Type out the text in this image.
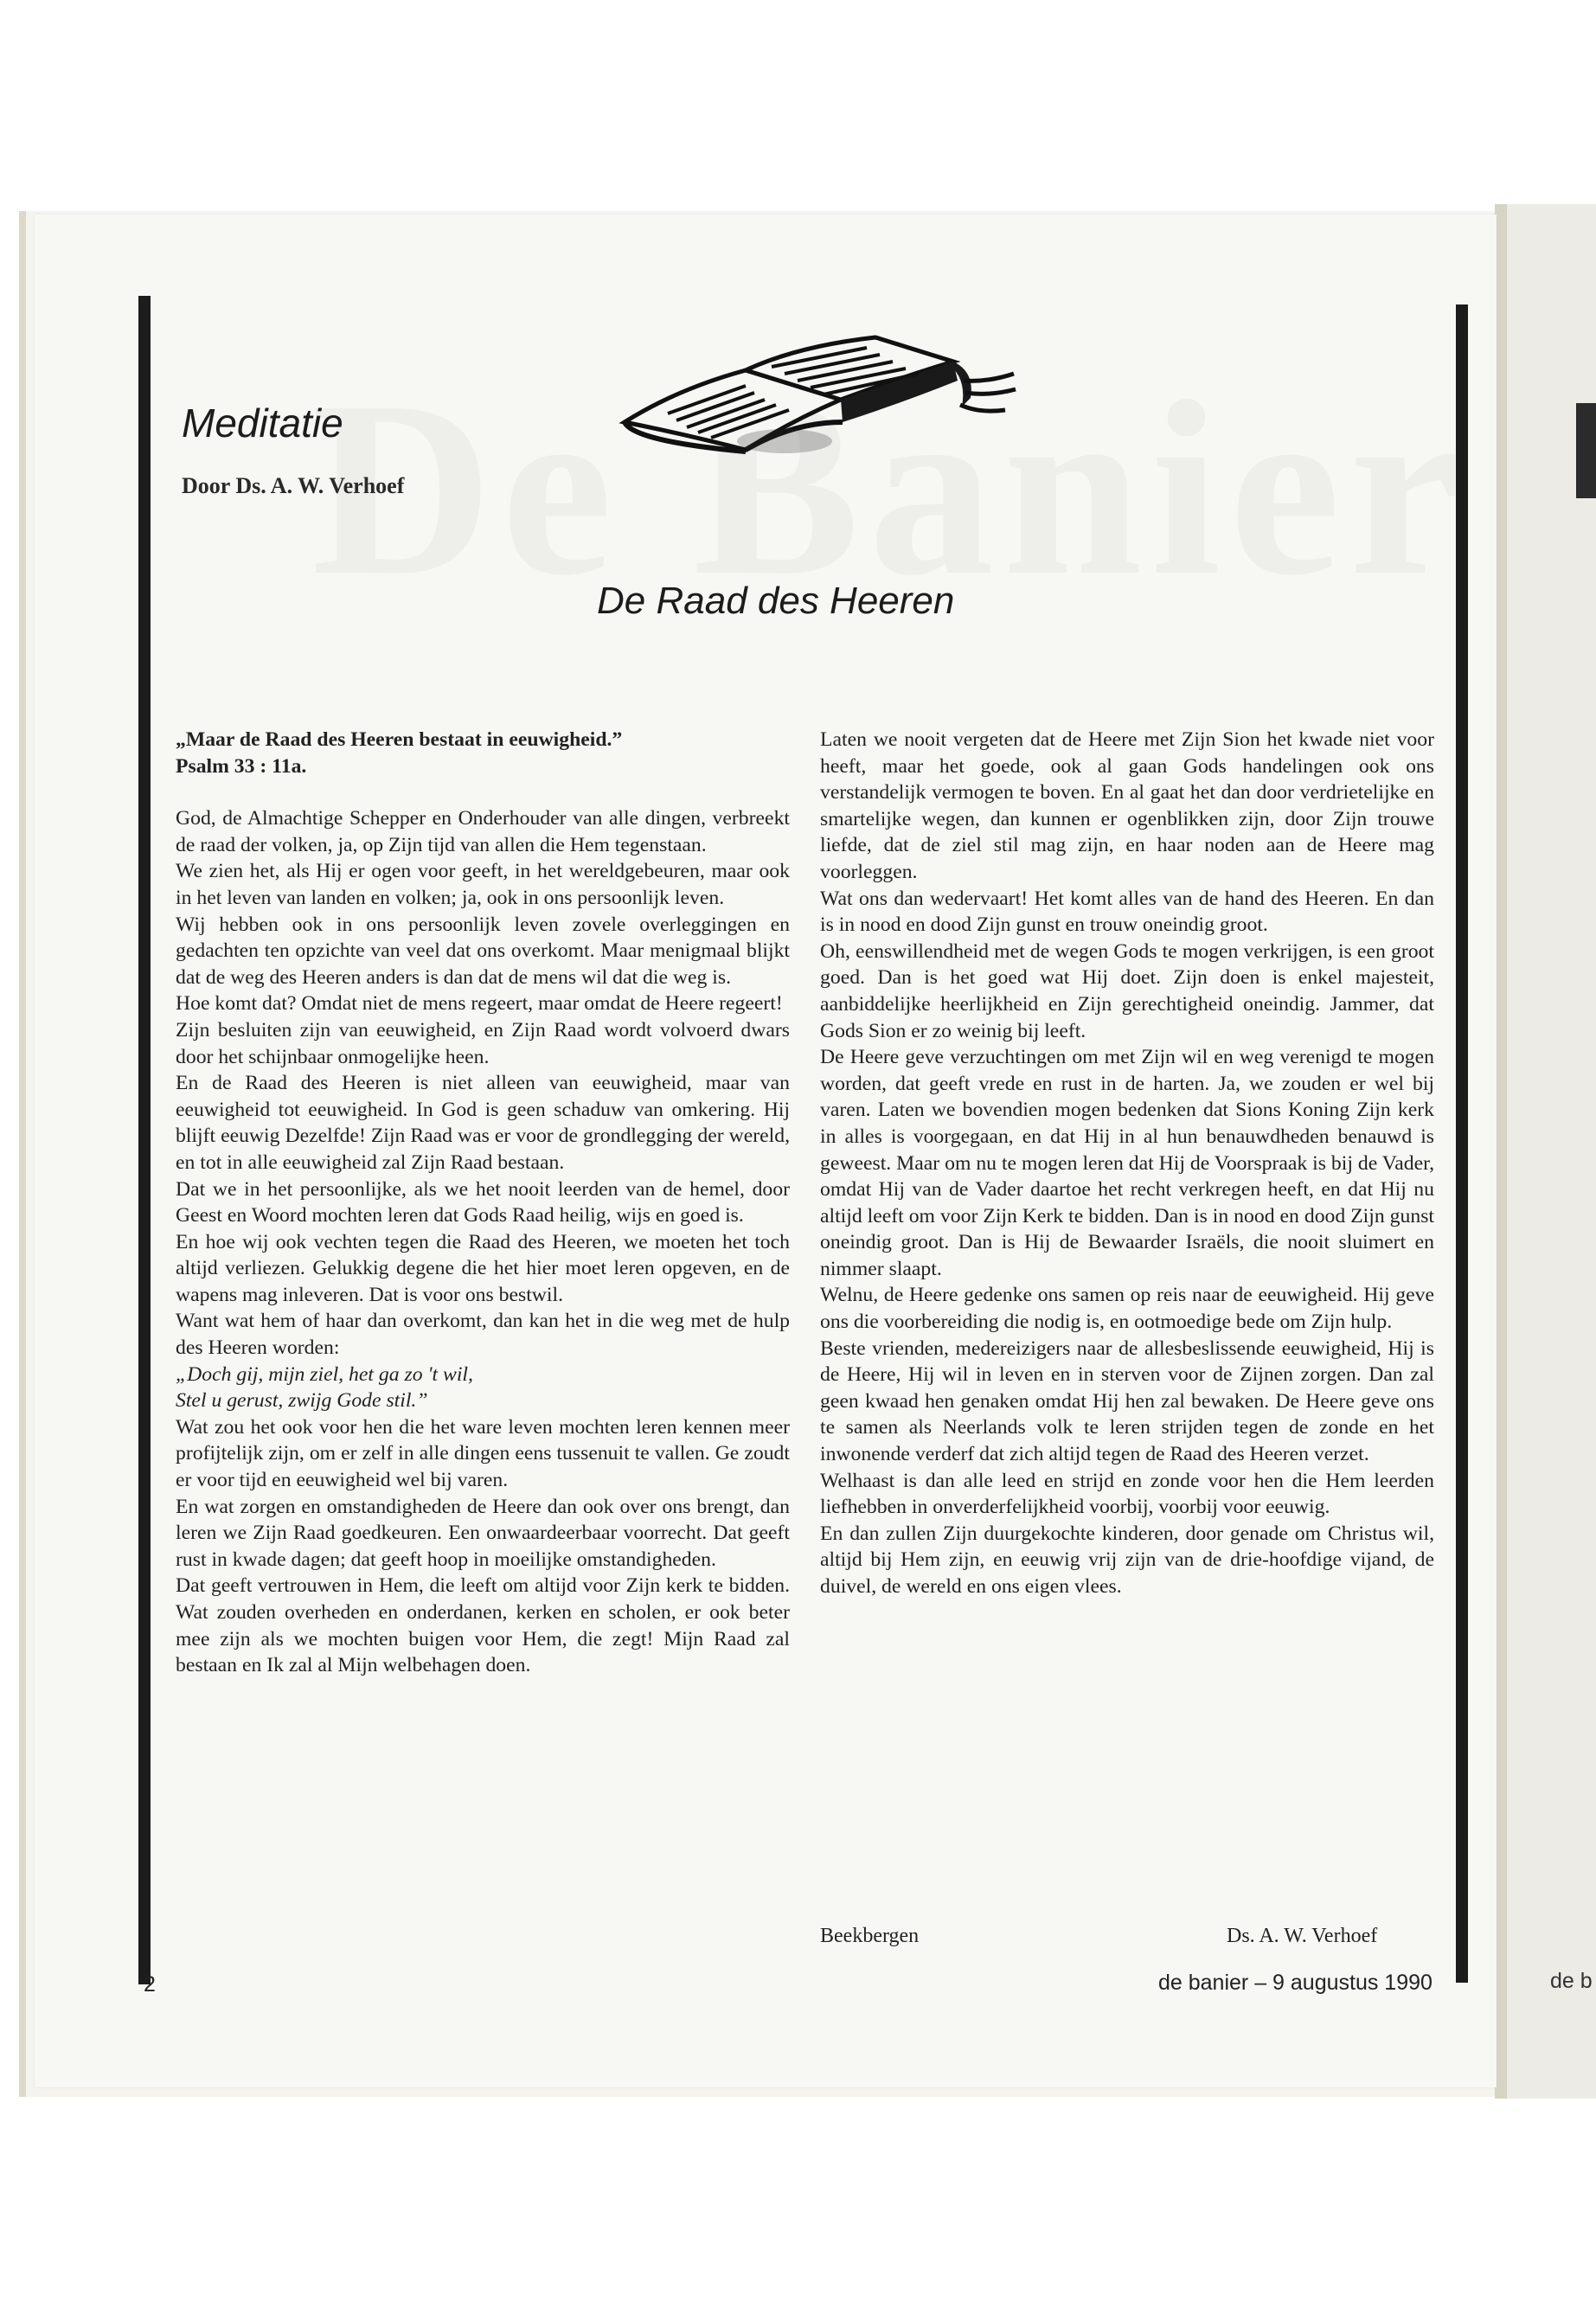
de b
Meditatie
Door Ds. A. W. Verhoef
De Raad des Heeren

„Maar de Raad des Heeren bestaat in eeuwigheid.”

Psalm 33 : 11a.

God, de Almachtige Schepper en Onderhouder van alle dingen, verbreekt de raad der volken, ja, op Zijn tijd van allen die Hem tegenstaan.

We zien het, als Hij er ogen voor geeft, in het wereldgebeuren, maar ook in het leven van landen en volken; ja, ook in ons persoonlijk leven.

Wij hebben ook in ons persoonlijk leven zovele overleggingen en gedachten ten opzichte van veel dat ons overkomt. Maar menigmaal blijkt dat de weg des Heeren anders is dan dat de mens wil dat die weg is.

Hoe komt dat? Omdat niet de mens regeert, maar omdat de Heere regeert!

Zijn besluiten zijn van eeuwigheid, en Zijn Raad wordt volvoerd dwars door het schijnbaar onmogelijke heen.

En de Raad des Heeren is niet alleen van eeuwigheid, maar van eeuwigheid tot eeuwigheid. In God is geen schaduw van omkering. Hij blijft eeuwig Dezelfde! Zijn Raad was er voor de grondlegging der wereld, en tot in alle eeuwigheid zal Zijn Raad bestaan.

Dat we in het persoonlijke, als we het nooit leerden van de hemel, door Geest en Woord mochten leren dat Gods Raad heilig, wijs en goed is.

En hoe wij ook vechten tegen die Raad des Heeren, we moeten het toch altijd verliezen. Gelukkig degene die het hier moet leren opgeven, en de wapens mag inleveren. Dat is voor ons bestwil.

Want wat hem of haar dan overkomt, dan kan het in die weg met de hulp des Heeren worden:

„Doch gij, mijn ziel, het ga zo 't wil,

Stel u gerust, zwijg Gode stil.”

Wat zou het ook voor hen die het ware leven mochten leren kennen meer profijtelijk zijn, om er zelf in alle dingen eens tussenuit te vallen. Ge zoudt er voor tijd en eeuwigheid wel bij varen.

En wat zorgen en omstandigheden de Heere dan ook over ons brengt, dan leren we Zijn Raad goedkeuren. Een onwaardeerbaar voorrecht. Dat geeft rust in kwade dagen; dat geeft hoop in moeilijke omstandigheden.

Dat geeft vertrouwen in Hem, die leeft om altijd voor Zijn kerk te bidden. Wat zouden overheden en onderdanen, kerken en scholen, er ook beter mee zijn als we mochten buigen voor Hem, die zegt! Mijn Raad zal bestaan en Ik zal al Mijn welbehagen doen.

Laten we nooit vergeten dat de Heere met Zijn Sion het kwade niet voor heeft, maar het goede, ook al gaan Gods handelingen ook ons verstandelijk vermogen te boven. En al gaat het dan door verdrietelijke en smartelijke wegen, dan kunnen er ogenblikken zijn, door Zijn trouwe liefde, dat de ziel stil mag zijn, en haar noden aan de Heere mag voorleggen.

Wat ons dan wedervaart! Het komt alles van de hand des Heeren. En dan is in nood en dood Zijn gunst en trouw oneindig groot.

Oh, eenswillendheid met de wegen Gods te mogen verkrijgen, is een groot goed. Dan is het goed wat Hij doet. Zijn doen is enkel majesteit, aanbiddelijke heerlijkheid en Zijn gerechtigheid oneindig. Jammer, dat Gods Sion er zo weinig bij leeft.

De Heere geve verzuchtingen om met Zijn wil en weg verenigd te mogen worden, dat geeft vrede en rust in de harten. Ja, we zouden er wel bij varen. Laten we bovendien mogen bedenken dat Sions Koning Zijn kerk in alles is voorgegaan, en dat Hij in al hun benauwdheden benauwd is geweest. Maar om nu te mogen leren dat Hij de Voorspraak is bij de Vader, omdat Hij van de Vader daartoe het recht verkregen heeft, en dat Hij nu altijd leeft om voor Zijn Kerk te bidden. Dan is in nood en dood Zijn gunst oneindig groot. Dan is Hij de Bewaarder Israëls, die nooit sluimert en nimmer slaapt.

Welnu, de Heere gedenke ons samen op reis naar de eeuwigheid. Hij geve ons die voorbereiding die nodig is, en ootmoedige bede om Zijn hulp.

Beste vrienden, medereizigers naar de allesbeslissende eeuwigheid, Hij is de Heere, Hij wil in leven en in sterven voor de Zijnen zorgen. Dan zal geen kwaad hen genaken omdat Hij hen zal bewaken. De Heere geve ons te samen als Neerlands volk te leren strijden tegen de zonde en het inwonende verderf dat zich altijd tegen de Raad des Heeren verzet.

Welhaast is dan alle leed en strijd en zonde voor hen die Hem leerden liefhebben in onverderfelijkheid voorbij, voorbij voor eeuwig.

En dan zullen Zijn duurgekochte kinderen, door genade om Christus wil, altijd bij Hem zijn, en eeuwig vrij zijn van de drie-hoofdige vijand, de duivel, de wereld en ons eigen vlees.

Beekbergen	Ds. A. W. Verhoef
2	de banier – 9 augustus 1990
